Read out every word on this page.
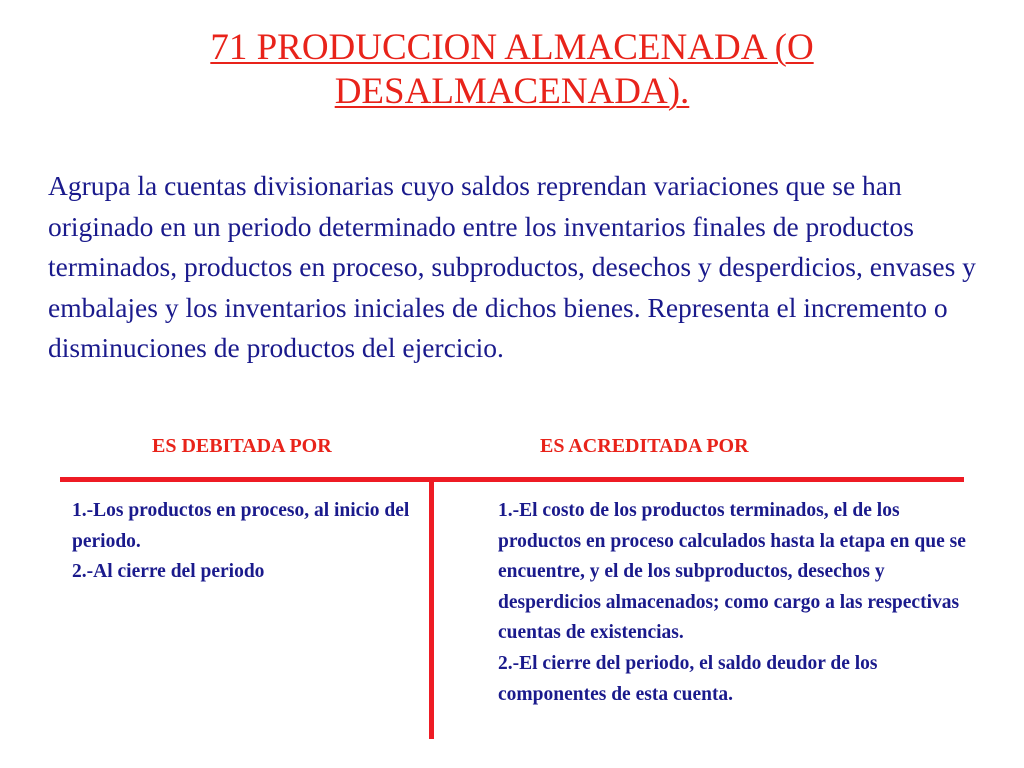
71 PRODUCCION ALMACENADA (O
DESALMACENADA).

Agrupa la cuentas divisionarias cuyo saldos reprendan variaciones que se han originado en un periodo determinado entre los inventarios finales de productos terminados, productos en proceso, subproductos, desechos y desperdicios, envases y embalajes y los inventarios iniciales de dichos bienes. Representa el incremento o disminuciones de productos del ejercicio.

ES DEBITADA POR	ES ACREDITADA POR
1.-Los productos en proceso, al inicio del periodo.
2.-Al cierre del periodo
1.-El costo de los productos terminados, el de los productos en proceso calculados hasta la etapa en que se encuentre, y el de los subproductos, desechos y desperdicios almacenados; como cargo a las respectivas cuentas de existencias.
2.-El cierre del periodo, el saldo deudor de los componentes de esta cuenta.
